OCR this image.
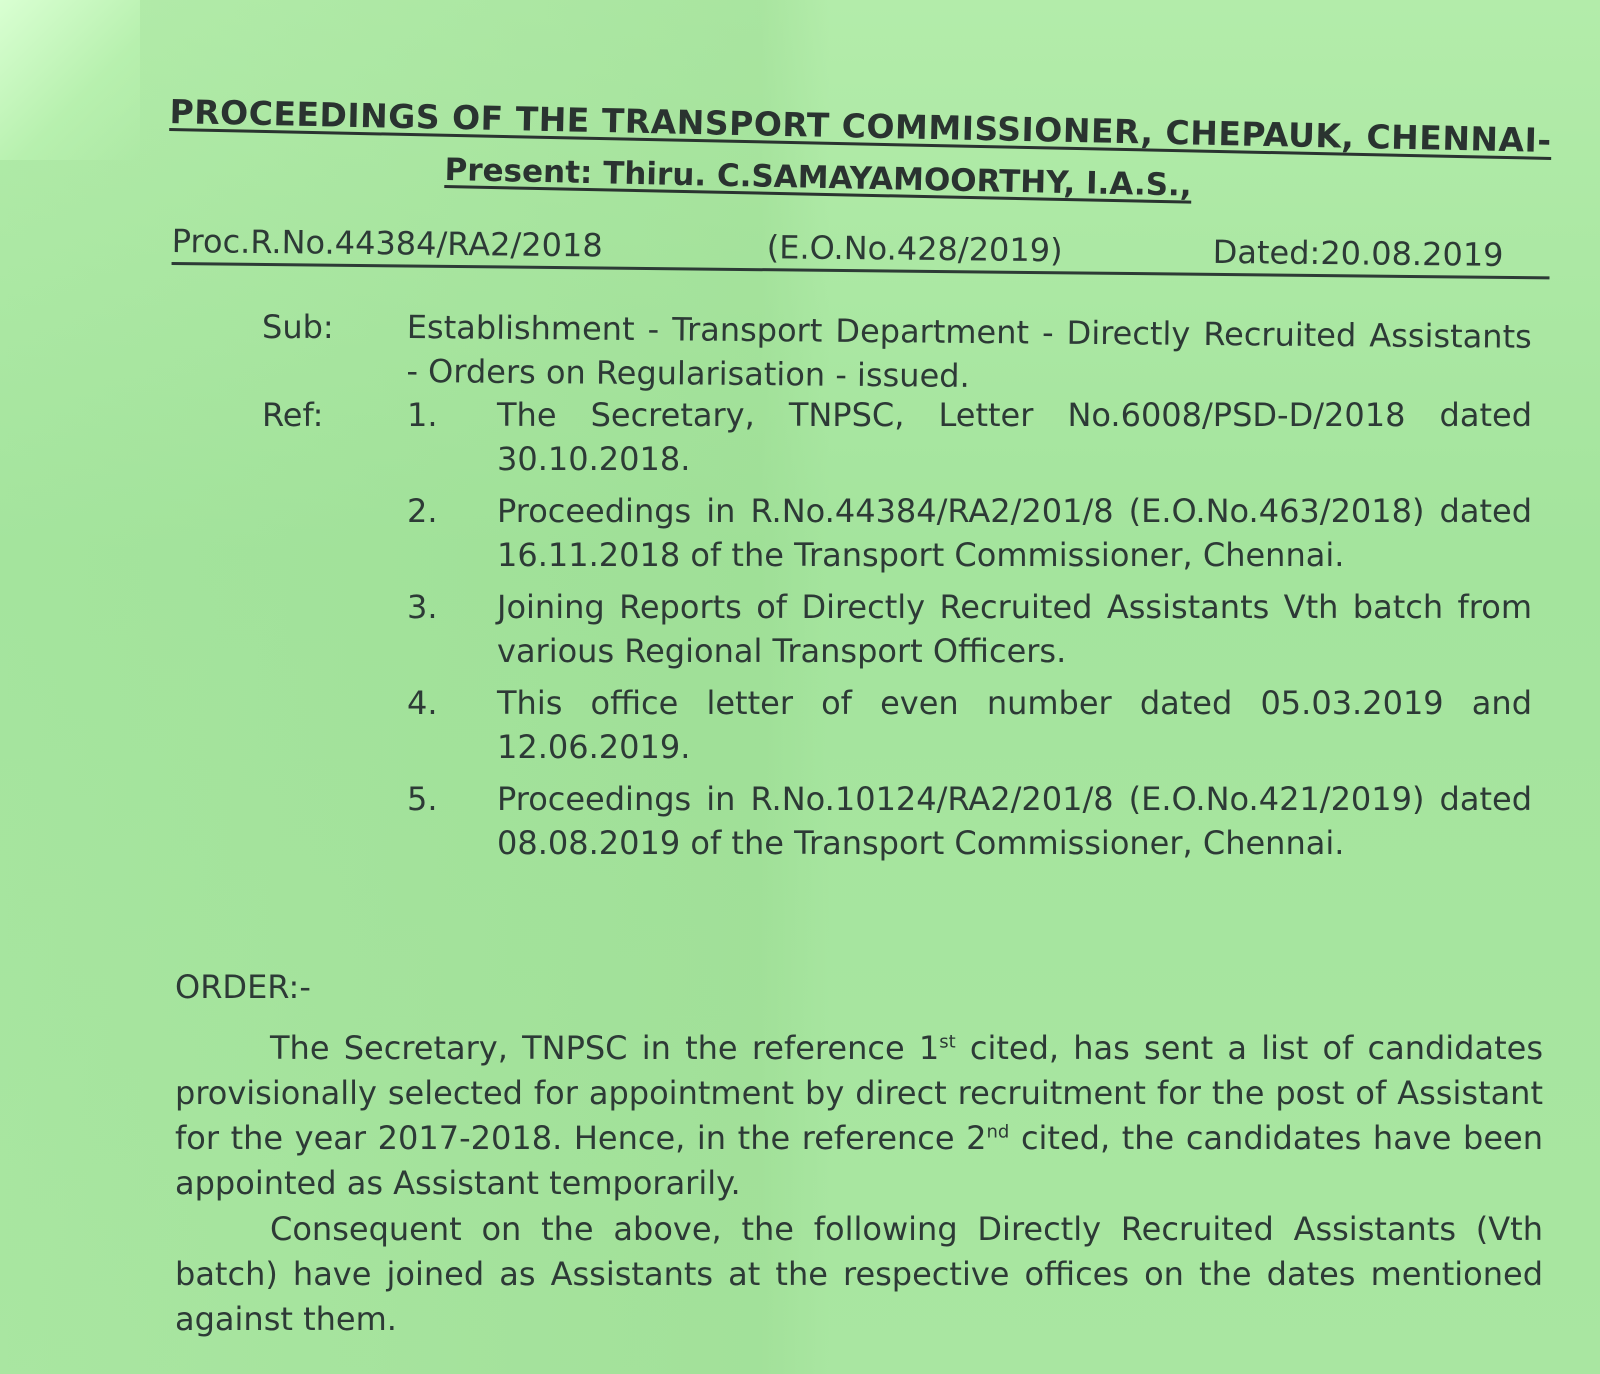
PROCEEDINGS OF THE TRANSPORT COMMISSIONER, CHEPAUK, CHENNAI-
Present: Thiru. C.SAMAYAMOORTHY, I.A.S.,
Proc.R.No.44384/RA2/2018	(E.O.No.428/2019)	Dated:20.08.2019
Sub:	Establishment - Transport Department - Directly Recruited Assistants - Orders on Regularisation - issued.
Ref:	1.	The Secretary, TNPSC, Letter No.6008/PSD-D/2018 dated 30.10.2018.
2.	Proceedings in R.No.44384/RA2/201/8 (E.O.No.463/2018) dated 16.11.2018 of the Transport Commissioner, Chennai.
3.	Joining Reports of Directly Recruited Assistants Vth batch from various Regional Transport Officers.
4.	This office letter of even number dated 05.03.2019 and 12.06.2019.
5.	Proceedings in R.No.10124/RA2/201/8 (E.O.No.421/2019) dated 08.08.2019 of the Transport Commissioner, Chennai.
ORDER:-
The Secretary, TNPSC in the reference 1st cited, has sent a list of candidates provisionally selected for appointment by direct recruitment for the post of Assistant for the year 2017-2018. Hence, in the reference 2nd cited, the candidates have been appointed as Assistant temporarily.
Consequent on the above, the following Directly Recruited Assistants (Vth batch) have joined as Assistants at the respective offices on the dates mentioned against them.
